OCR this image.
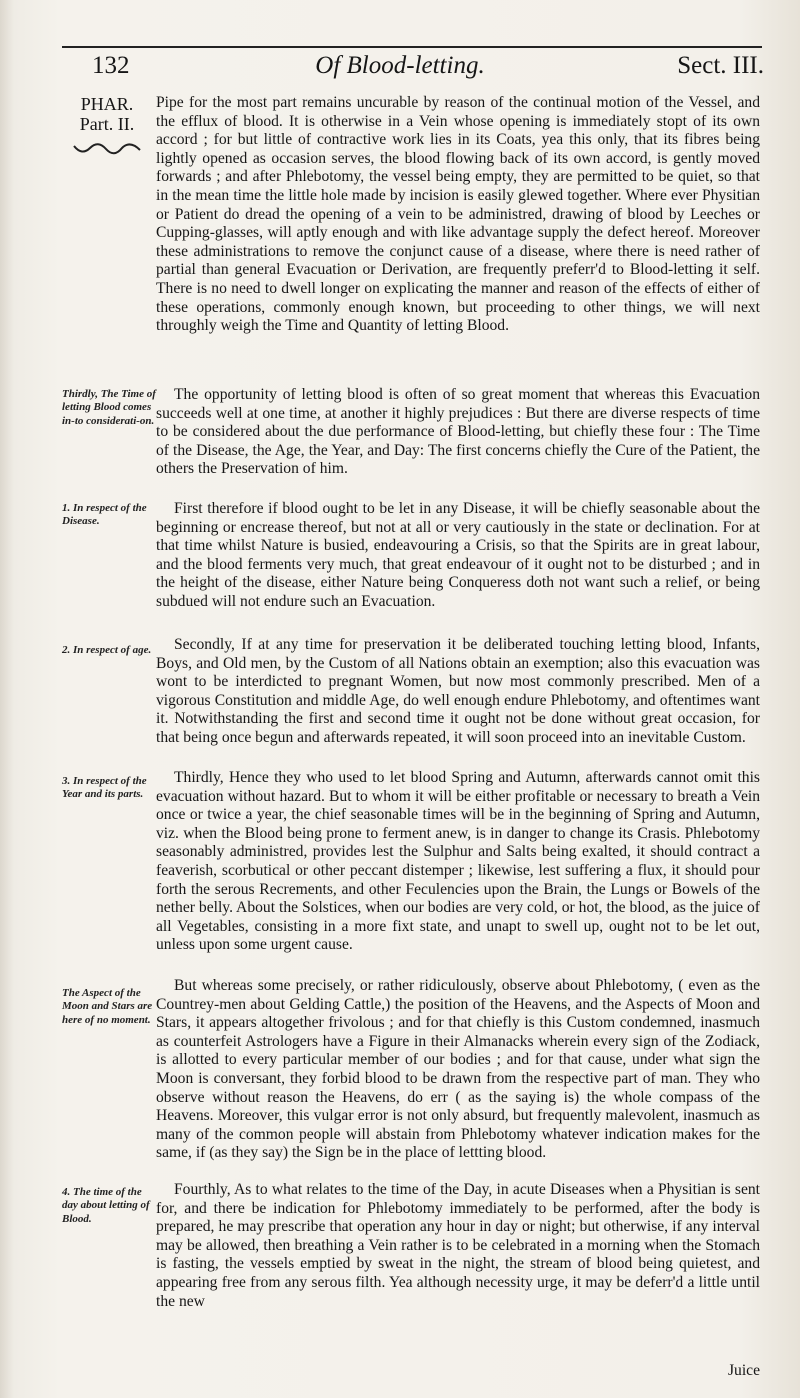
132	Of Blood-letting.	Sect. III.
PHAR.
Part. II.
Thirdly, The Time of letting Blood comes in-to considerati-on.
1. In respect of the Disease.
2. In respect of age.
3. In respect of the Year and its parts.
The Aspect of the Moon and Stars are here of no moment.
4. The time of the day about letting of Blood.

Pipe for the most part remains uncurable by reason of the continual motion of the Vessel, and the efflux of blood. It is otherwise in a Vein whose opening is immediately stopt of its own accord ; for but little of contractive work lies in its Coats, yea this only, that its fibres being lightly opened as occasion serves, the blood flowing back of its own accord, is gently moved forwards ; and after Phlebotomy, the vessel being empty, they are permitted to be quiet, so that in the mean time the little hole made by incision is easily glewed together. Where ever Physitian or Patient do dread the opening of a vein to be administred, drawing of blood by Leeches or Cupping-glasses, will aptly enough and with like advantage supply the defect hereof. Moreover these administrations to remove the conjunct cause of a disease, where there is need rather of partial than general Evacuation or Derivation, are frequently preferr'd to Blood-letting it self. There is no need to dwell longer on explicating the manner and reason of the effects of either of these operations, commonly enough known, but proceeding to other things, we will next throughly weigh the Time and Quantity of letting Blood.

The opportunity of letting blood is often of so great moment that whereas this Evacuation succeeds well at one time, at another it highly prejudices : But there are diverse respects of time to be considered about the due performance of Blood-letting, but chiefly these four : The Time of the Disease, the Age, the Year, and Day: The first concerns chiefly the Cure of the Patient, the others the Preservation of him.

First therefore if blood ought to be let in any Disease, it will be chiefly seasonable about the beginning or encrease thereof, but not at all or very cautiously in the state or declination. For at that time whilst Nature is busied, endeavouring a Crisis, so that the Spirits are in great labour, and the blood ferments very much, that great endeavour of it ought not to be disturbed ; and in the height of the disease, either Nature being Conqueress doth not want such a relief, or being subdued will not endure such an Evacuation.

Secondly, If at any time for preservation it be deliberated touching letting blood, Infants, Boys, and Old men, by the Custom of all Nations obtain an exemption; also this evacuation was wont to be interdicted to pregnant Women, but now most commonly prescribed. Men of a vigorous Constitution and middle Age, do well enough endure Phlebotomy, and oftentimes want it. Notwithstanding the first and second time it ought not be done without great occasion, for that being once begun and afterwards repeated, it will soon proceed into an inevitable Custom.

Thirdly, Hence they who used to let blood Spring and Autumn, afterwards cannot omit this evacuation without hazard. But to whom it will be either profitable or necessary to breath a Vein once or twice a year, the chief seasonable times will be in the beginning of Spring and Autumn, viz. when the Blood being prone to ferment anew, is in danger to change its Crasis. Phlebotomy seasonably administred, provides lest the Sulphur and Salts being exalted, it should contract a feaverish, scorbutical or other peccant distemper ; likewise, lest suffering a flux, it should pour forth the serous Recrements, and other Feculencies upon the Brain, the Lungs or Bowels of the nether belly. About the Solstices, when our bodies are very cold, or hot, the blood, as the juice of all Vegetables, consisting in a more fixt state, and unapt to swell up, ought not to be let out, unless upon some urgent cause.

But whereas some precisely, or rather ridiculously, observe about Phlebotomy, ( even as the Countrey-men about Gelding Cattle,) the position of the Heavens, and the Aspects of Moon and Stars, it appears altogether frivolous ; and for that chiefly is this Custom condemned, inasmuch as counterfeit Astrologers have a Figure in their Almanacks wherein every sign of the Zodiack, is allotted to every particular member of our bodies ; and for that cause, under what sign the Moon is conversant, they forbid blood to be drawn from the respective part of man. They who observe without reason the Heavens, do err ( as the saying is) the whole compass of the Heavens. Moreover, this vulgar error is not only absurd, but frequently malevolent, inasmuch as many of the common people will abstain from Phlebotomy whatever indication makes for the same, if (as they say) the Sign be in the place of lettting blood.

Fourthly, As to what relates to the time of the Day, in acute Diseases when a Physitian is sent for, and there be indication for Phlebotomy immediately to be performed, after the body is prepared, he may prescribe that operation any hour in day or night; but otherwise, if any interval may be allowed, then breathing a Vein rather is to be celebrated in a morning when the Stomach is fasting, the vessels emptied by sweat in the night, the stream of blood being quietest, and appearing free from any serous filth. Yea although necessity urge, it may be deferr'd a little until the new

Juice
